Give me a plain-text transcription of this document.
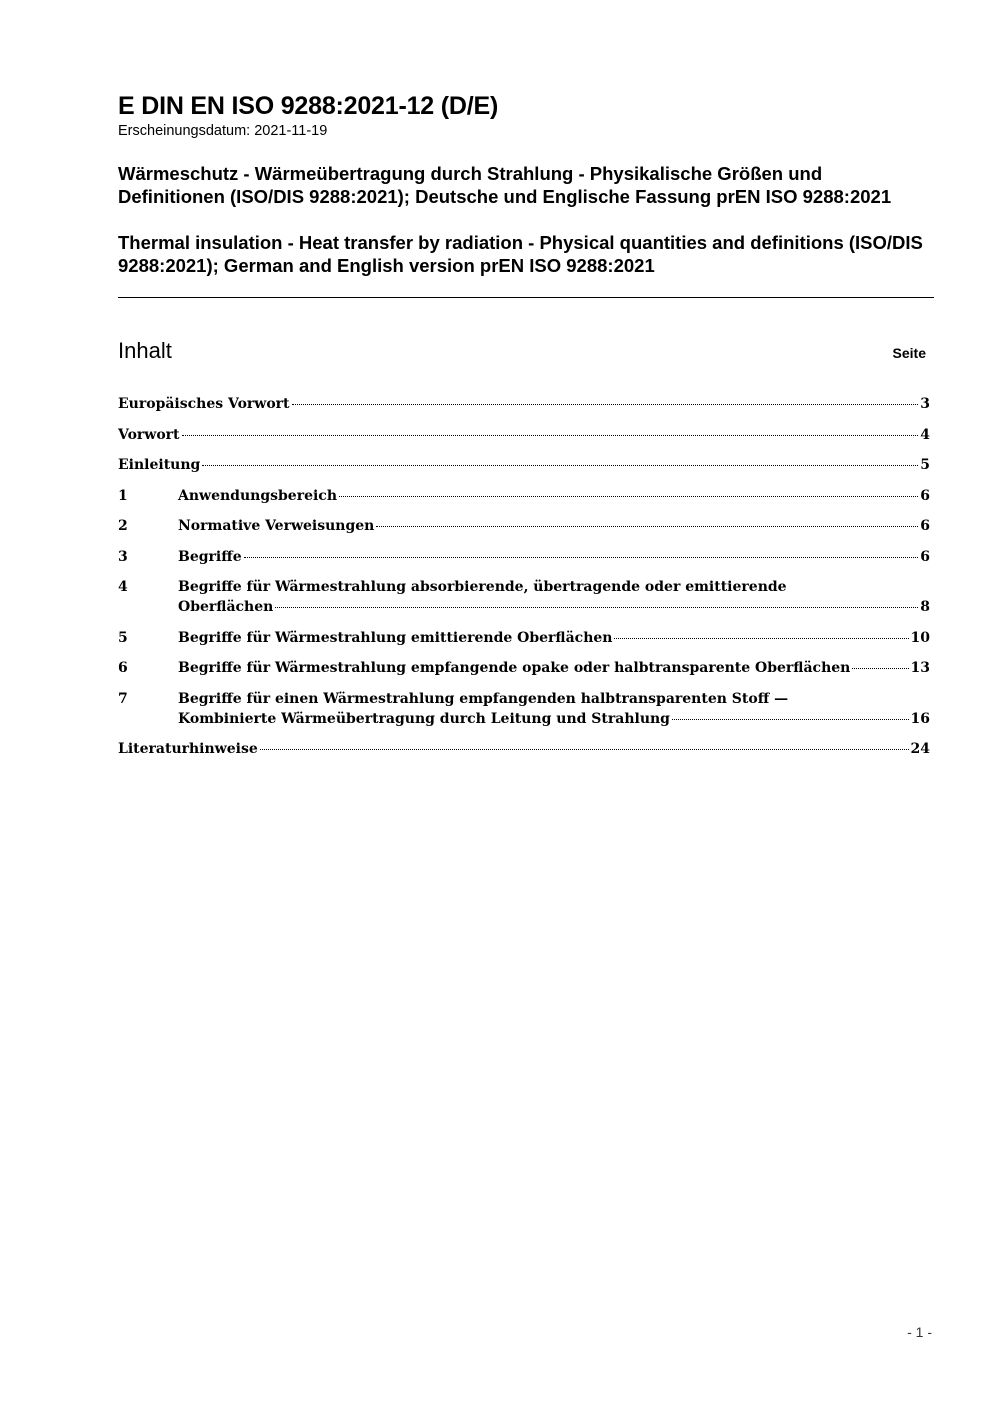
E DIN EN ISO 9288:2021-12 (D/E)

Erscheinungsdatum: 2021-11-19

Wärmeschutz - Wärmeübertragung durch Strahlung - Physikalische Größen und Definitionen (ISO/DIS 9288:2021); Deutsche und Englische Fassung prEN ISO 9288:2021

Thermal insulation - Heat transfer by radiation - Physical quantities and definitions (ISO/DIS 9288:2021); German and English version prEN ISO 9288:2021

Inhalt	Seite
Europäisches Vorwort	3
Vorwort	4
Einleitung	5
1	Anwendungsbereich	6
2	Normative Verweisungen	6
3	Begriffe	6
4	Begriffe für Wärmestrahlung absorbierende, übertragende oder emittierende
Oberflächen	8
5	Begriffe für Wärmestrahlung emittierende Oberflächen	10
6	Begriffe für Wärmestrahlung empfangende opake oder halbtransparente Oberflächen	13
7	Begriffe für einen Wärmestrahlung empfangenden halbtransparenten Stoff —
Kombinierte Wärmeübertragung durch Leitung und Strahlung	16
Literaturhinweise	24
- 1 -
